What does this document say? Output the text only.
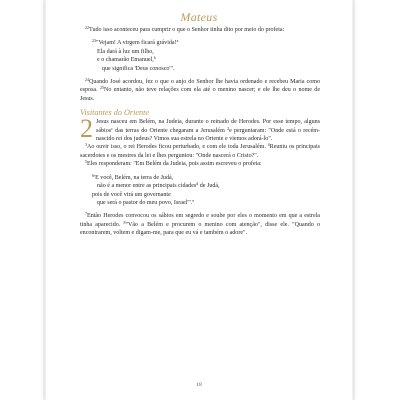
Mateus

$^{22}$Tudo isso aconteceu para cumprir o que o Senhor tinha dito por meio do profeta:

$^{23}$"Vejam! A virgem ficará grávida!$^a$
Ela dará à luz um filho,
e o chamarão Emanuel,$^b$
que significa 'Deus conosco'".

$^{24}$Quando José acordou, fez o que o anjo do Senhor lhe havia ordenado e recebeu Maria como esposa. $^{25}$No entanto, não teve relações com ela até o menino nascer; e ele lhe deu o nome de Jesus.

Visitantes do Oriente

2 Jesus nasceu em Belém, na Judeia, durante o reinado de Herodes. Por esse tempo, alguns sábios$^c$ das terras do Oriente chegaram a Jerusalém $^2$e perguntaram: "Onde está o recém-nascido rei dos judeus? Vimos sua estrela no Oriente e viemos adorá-lo".

$^3$Ao ouvir isso, o rei Herodes ficou perturbado, e com ele toda Jerusalém. $^4$Reuniu os principais sacerdotes e os mestres da lei e lhes perguntou: "Onde nascerá o Cristo?".

$^5$Eles responderam: "Em Belém da Judeia, pois assim escreveu o profeta:

$^6$'E você, Belém, na terra de Judá,
não é a menor entre as principais cidades$^d$ de Judá,
pois de você virá um governante
que será o pastor do meu povo, Israel'".$^e$

$^7$Então Herodes convocou os sábios em segredo e soube por eles o momento em que a estrela tinha aparecido. $^8$"Vão a Belém e procurem o menino com atenção", disse ele. "Quando o encontrarem, voltem e digam-me, para que eu vá e também o adore".

18
